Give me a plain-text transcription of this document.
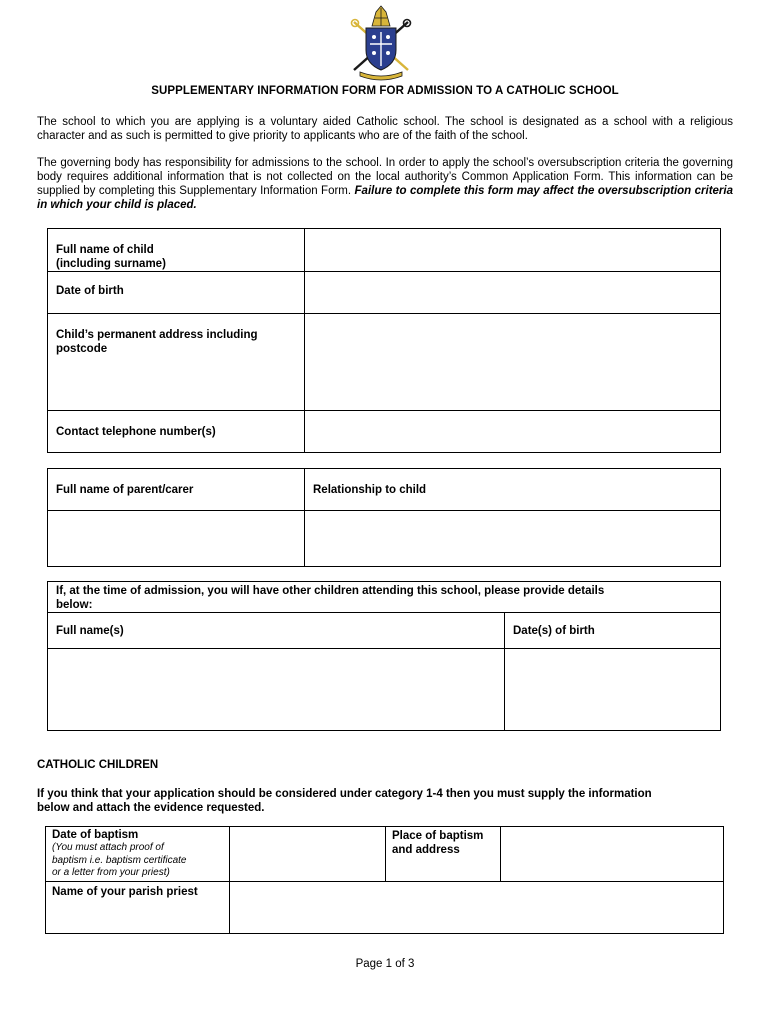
SUPPLEMENTARY INFORMATION FORM FOR ADMISSION TO A CATHOLIC SCHOOL
The school to which you are applying is a voluntary aided Catholic school. The school is designated as a school with a religious character and as such is permitted to give priority to applicants who are of the faith of the school.
The governing body has responsibility for admissions to the school. In order to apply the school’s oversubscription criteria the governing body requires additional information that is not collected on the local authority’s Common Application Form. This information can be supplied by completing this Supplementary Information Form. Failure to complete this form may affect the oversubscription criteria in which your child is placed.
Full name of child
(including surname)	

Date of birth	

Child’s permanent address including
postcode	

Contact telephone number(s)	

Full name of parent/carer	Relationship to child

If, at the time of admission, you will have other children attending this school, please provide details
below:	

Full name(s)	Date(s) of birth

CATHOLIC CHILDREN
If you think that your application should be considered under category 1-4 then you must supply the information
below and attach the evidence requested.
Date of baptism
(You must attach proof of
baptism i.e. baptism certificate
or a letter from your priest)		Place of baptism
and address	

Name of your parish priest			

Page 1 of 3
